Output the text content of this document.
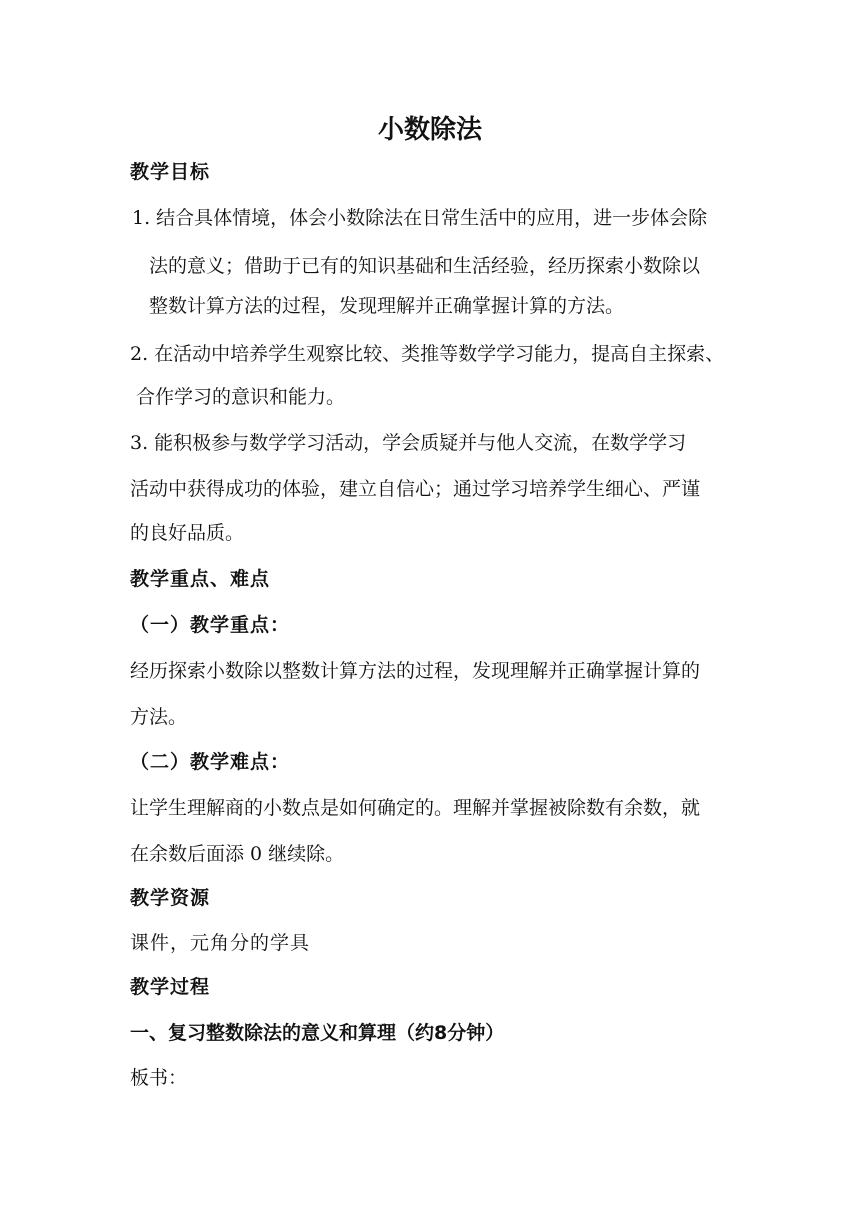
小数除法
教学目标
1. 结合具体情境，体会小数除法在日常生活中的应用，进一步体会除
法的意义；借助于已有的知识基础和生活经验，经历探索小数除以
整数计算方法的过程，发现理解并正确掌握计算的方法。
2. 在活动中培养学生观察比较、类推等数学学习能力，提高自主探索、
合作学习的意识和能力。
3. 能积极参与数学学习活动，学会质疑并与他人交流，在数学学习
活动中获得成功的体验，建立自信心；通过学习培养学生细心、严谨
的良好品质。
教学重点、难点
（一）教学重点：
经历探索小数除以整数计算方法的过程，发现理解并正确掌握计算的
方法。
（二）教学难点：
让学生理解商的小数点是如何确定的。理解并掌握被除数有余数，就
在余数后面添 0 继续除。
教学资源
课件，元角分的学具
教学过程
一、复习整数除法的意义和算理（约8分钟）
板书：
